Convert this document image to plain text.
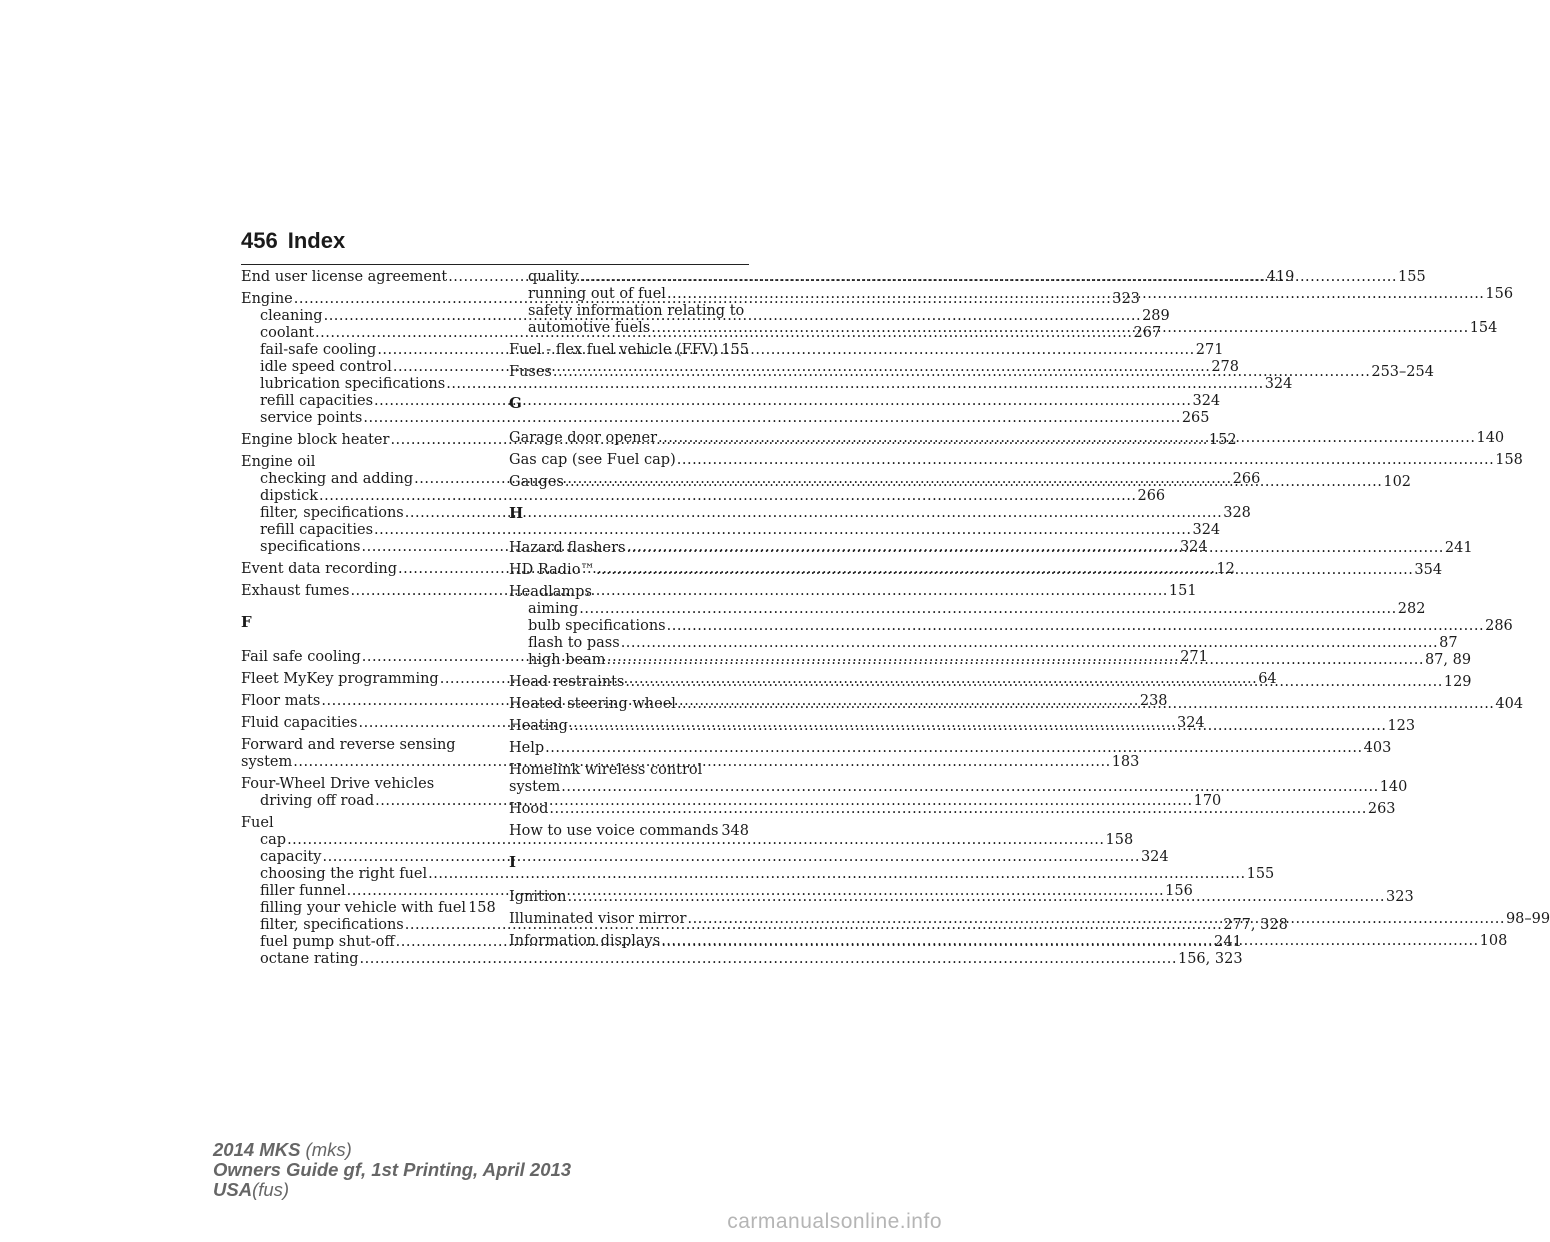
456 Index
End user license agreement .....	419
Engine .....	323
cleaning .....	289
coolant .....	267
fail-safe cooling .....	271
idle speed control .....	278
lubrication specifications .....	324
refill capacities .....	324
service points .....	265
Engine block heater .....	152
Engine oil
checking and adding .....	266
dipstick .....	266
filter, specifications .....	328
refill capacities .....	324
specifications .....	324
Event data recording .....	12
Exhaust fumes .....	151
F
Fail safe cooling .....	271
Fleet MyKey programming .....	64
Floor mats .....	238
Fluid capacities .....	324
Forward and reverse sensing
system .....	183
Four-Wheel Drive vehicles
driving off road .....	170
Fuel
cap .....	158
capacity .....	324
choosing the right fuel .....	155
filler funnel .....	156
filling your vehicle with fuel 158
filter, specifications .....	277, 328
fuel pump shut-off .....	241
octane rating .....	156, 323
quality .....	155
running out of fuel .....	156
safety information relating to
automotive fuels .....	154
Fuel - flex fuel vehicle (FFV) ..... 155
Fuses .....	253–254
G
Garage door opener .....	140
Gas cap (see Fuel cap) .....	158
Gauges .....	102
H
Hazard flashers .....	241
HD Radio™ .....	354
Headlamps
aiming .....	282
bulb specifications .....	286
flash to pass .....	87
high beam .....	87, 89
Head restraints .....	129
Heated steering wheel .....	404
Heating .....	123
Help .....	403
Homelink wireless control
system .....	140
Hood .....	263
How to use voice commands ..... 348
I
Ignition .....	323
Illuminated visor mirror .....	98–99
Information displays .....	108
2014 MKS (mks)
Owners Guide gf, 1st Printing, April 2013
USA(fus)
carmanualsonline.info
